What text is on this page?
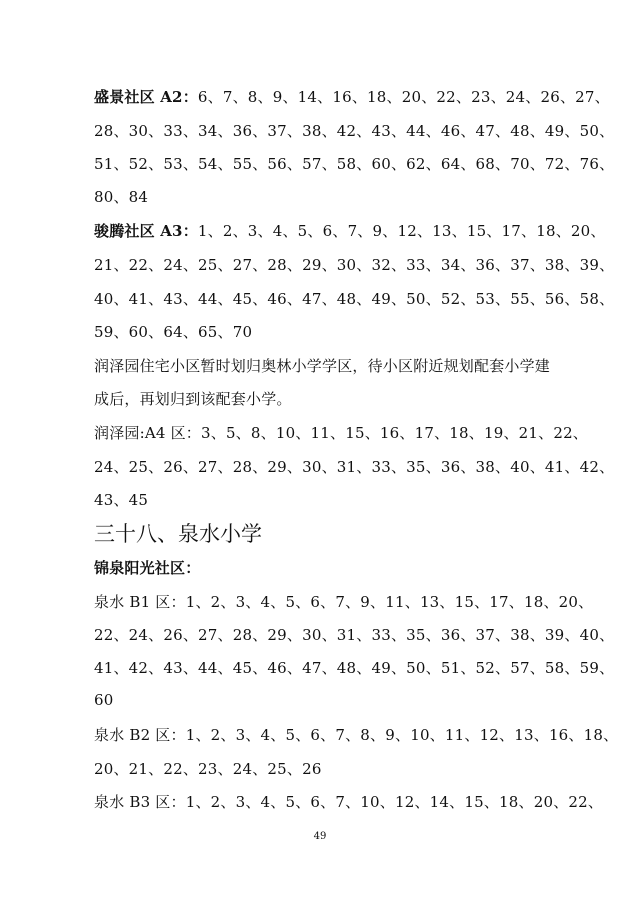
盛景社区 A2：6、7、8、9、14、16、18、20、22、23、24、26、27、
28、30、33、34、36、37、38、42、43、44、46、47、48、49、50、
51、52、53、54、55、56、57、58、60、62、64、68、70、72、76、
80、84
骏腾社区 A3：1、2、3、4、5、6、7、9、12、13、15、17、18、20、
21、22、24、25、27、28、29、30、32、33、34、36、37、38、39、
40、41、43、44、45、46、47、48、49、50、52、53、55、56、58、
59、60、64、65、70
润泽园住宅小区暂时划归奥林小学学区，待小区附近规划配套小学建
成后，再划归到该配套小学。
润泽园:A4 区：3、5、8、10、11、15、16、17、18、19、21、22、
24、25、26、27、28、29、30、31、33、35、36、38、40、41、42、
43、45
三十八、泉水小学
锦泉阳光社区：
泉水 B1 区：1、2、3、4、5、6、7、9、11、13、15、17、18、20、
22、24、26、27、28、29、30、31、33、35、36、37、38、39、40、
41、42、43、44、45、46、47、48、49、50、51、52、57、58、59、
60
泉水 B2 区：1、2、3、4、5、6、7、8、9、10、11、12、13、16、18、
20、21、22、23、24、25、26
泉水 B3 区：1、2、3、4、5、6、7、10、12、14、15、18、20、22、
49
